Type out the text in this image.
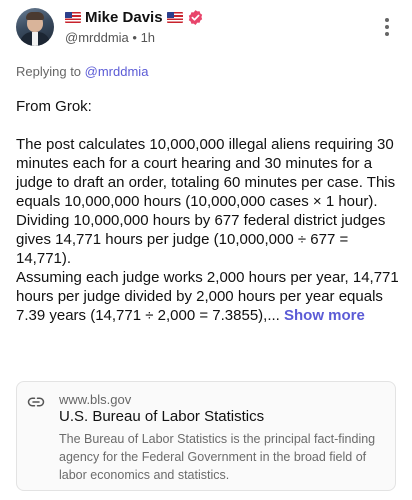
Mike Davis
@mrddmia • 1h
Replying to @mrddmia

From Grok:

The post calculates 10,000,000 illegal aliens requiring 30 minutes each for a court hearing and 30 minutes for a judge to draft an order, totaling 60 minutes per case. This equals 10,000,000 hours (10,000,000 cases × 1 hour).
Dividing 10,000,000 hours by 677 federal district judges gives 14,771 hours per judge (10,000,000 ÷ 677 = 14,771).
Assuming each judge works 2,000 hours per year, 14,771 hours per judge divided by 2,000 hours per year equals 7.39 years (14,771 ÷ 2,000 = 7.3855),... Show more

www.bls.gov
U.S. Bureau of Labor Statistics
The Bureau of Labor Statistics is the principal fact-finding agency for the Federal Government in the broad field of labor economics and statistics.
